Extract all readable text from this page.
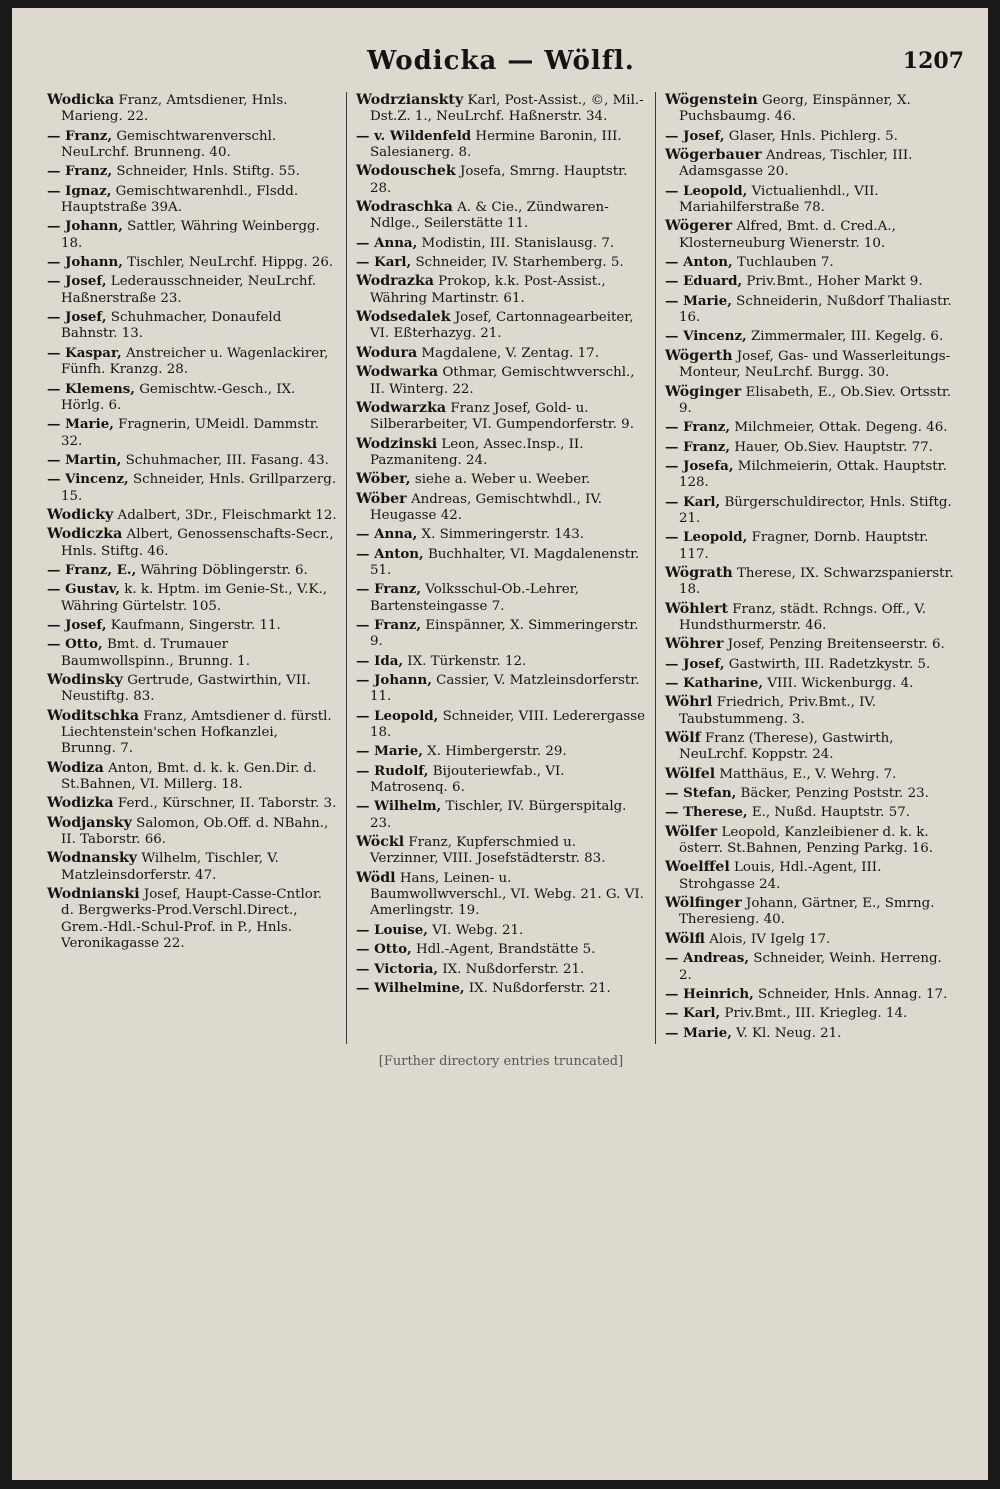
Wodicka — Wölfl.	1207

Wodicka Franz, Amtsdiener, Hnls. Marieng. 22.

— Franz, Gemischtwarenverschl. NeuLrchf. Brunneng. 40.

— Franz, Schneider, Hnls. Stiftg. 55.

— Ignaz, Gemischtwarenhdl., Flsdd. Hauptstraße 39A.

— Johann, Sattler, Währing Weinbergg. 18.

— Johann, Tischler, NeuLrchf. Hippg. 26.

— Josef, Lederausschneider, NeuLrchf. Haßnerstraße 23.

— Josef, Schuhmacher, Donaufeld Bahnstr. 13.

— Kaspar, Anstreicher u. Wagenlackirer, Fünfh. Kranzg. 28.

— Klemens, Gemischtw.-Gesch., IX. Hörlg. 6.

— Marie, Fragnerin, UMeidl. Dammstr. 32.

— Martin, Schuhmacher, III. Fasang. 43.

— Vincenz, Schneider, Hnls. Grillparzerg. 15.

Wodicky Adalbert, 3Dr., Fleischmarkt 12.

Wodiczka Albert, Genossenschafts-Secr., Hnls. Stiftg. 46.

— Franz, E., Währing Döblingerstr. 6.

— Gustav, k. k. Hptm. im Genie-St., V.K., Währing Gürtelstr. 105.

— Josef, Kaufmann, Singerstr. 11.

— Otto, Bmt. d. Trumauer Baumwollspinn., Brunng. 1.

Wodinsky Gertrude, Gastwirthin, VII. Neustiftg. 83.

Woditschka Franz, Amtsdiener d. fürstl. Liechtenstein'schen Hofkanzlei, Brunng. 7.

Wodiza Anton, Bmt. d. k. k. Gen.Dir. d. St.Bahnen, VI. Millerg. 18.

Wodizka Ferd., Kürschner, II. Taborstr. 3.

Wodjansky Salomon, Ob.Off. d. NBahn., II. Taborstr. 66.

Wodnansky Wilhelm, Tischler, V. Matzleinsdorferstr. 47.

Wodnianski Josef, Haupt-Casse-Cntlor. d. Bergwerks-Prod.Verschl.Direct., Grem.-Hdl.-Schul-Prof. in P., Hnls. Veronikagasse 22.

Wodrzianskty Karl, Post-Assist., ©, Mil.-Dst.Z. 1., NeuLrchf. Haßnerstr. 34.

— v. Wildenfeld Hermine Baronin, III. Salesianerg. 8.

Wodouschek Josefa, Smrng. Hauptstr. 28.

Wodraschka A. & Cie., Zündwaren-Ndlge., Seilerstätte 11.

— Anna, Modistin, III. Stanislausg. 7.

— Karl, Schneider, IV. Starhemberg. 5.

Wodrazka Prokop, k.k. Post-Assist., Währing Martinstr. 61.

Wodsedalek Josef, Cartonnagearbeiter, VI. Eßterhazyg. 21.

Wodura Magdalene, V. Zentag. 17.

Wodwarka Othmar, Gemischtwverschl., II. Winterg. 22.

Wodwarzka Franz Josef, Gold- u. Silberarbeiter, VI. Gumpendorferstr. 9.

Wodzinski Leon, Assec.Insp., II. Pazmaniteng. 24.

Wöber, siehe a. Weber u. Weeber.

Wöber Andreas, Gemischtwhdl., IV. Heugasse 42.

— Anna, X. Simmeringerstr. 143.

— Anton, Buchhalter, VI. Magdalenenstr. 51.

— Franz, Volksschul-Ob.-Lehrer, Bartensteingasse 7.

— Franz, Einspänner, X. Simmeringerstr. 9.

— Ida, IX. Türkenstr. 12.

— Johann, Cassier, V. Matzleinsdorferstr. 11.

— Leopold, Schneider, VIII. Lederergasse 18.

— Marie, X. Himbergerstr. 29.

— Rudolf, Bijouteriewfab., VI. Matrosenq. 6.

— Wilhelm, Tischler, IV. Bürgerspitalg. 23.

Wöckl Franz, Kupferschmied u. Verzinner, VIII. Josefstädterstr. 83.

Wödl Hans, Leinen- u. Baumwollwverschl., VI. Webg. 21. G. VI. Amerlingstr. 19.

— Louise, VI. Webg. 21.

— Otto, Hdl.-Agent, Brandstätte 5.

— Victoria, IX. Nußdorferstr. 21.

— Wilhelmine, IX. Nußdorferstr. 21.

Wögenstein Georg, Einspänner, X. Puchsbaumg. 46.

— Josef, Glaser, Hnls. Pichlerg. 5.

Wögerbauer Andreas, Tischler, III. Adamsgasse 20.

— Leopold, Victualienhdl., VII. Mariahilferstraße 78.

Wögerer Alfred, Bmt. d. Cred.A., Klosterneuburg Wienerstr. 10.

— Anton, Tuchlauben 7.

— Eduard, Priv.Bmt., Hoher Markt 9.

— Marie, Schneiderin, Nußdorf Thaliastr. 16.

— Vincenz, Zimmermaler, III. Kegelg. 6.

Wögerth Josef, Gas- und Wasserleitungs-Monteur, NeuLrchf. Burgg. 30.

Wöginger Elisabeth, E., Ob.Siev. Ortsstr. 9.

— Franz, Milchmeier, Ottak. Degeng. 46.

— Franz, Hauer, Ob.Siev. Hauptstr. 77.

— Josefa, Milchmeierin, Ottak. Hauptstr. 128.

— Karl, Bürgerschuldirector, Hnls. Stiftg. 21.

— Leopold, Fragner, Dornb. Hauptstr. 117.

Wögrath Therese, IX. Schwarzspanierstr. 18.

Wöhlert Franz, städt. Rchngs. Off., V. Hundsthurmerstr. 46.

Wöhrer Josef, Penzing Breitenseerstr. 6.

— Josef, Gastwirth, III. Radetzkystr. 5.

— Katharine, VIII. Wickenburgg. 4.

Wöhrl Friedrich, Priv.Bmt., IV. Taubstummeng. 3.

Wölf Franz (Therese), Gastwirth, NeuLrchf. Koppstr. 24.

Wölfel Matthäus, E., V. Wehrg. 7.

— Stefan, Bäcker, Penzing Poststr. 23.

— Therese, E., Nußd. Hauptstr. 57.

Wölfer Leopold, Kanzleibiener d. k. k. österr. St.Bahnen, Penzing Parkg. 16.

Woelffel Louis, Hdl.-Agent, III. Strohgasse 24.

Wölfinger Johann, Gärtner, E., Smrng. Theresieng. 40.

Wölfl Alois, IV Igelg 17.

— Andreas, Schneider, Weinh. Herreng. 2.

— Heinrich, Schneider, Hnls. Annag. 17.

— Karl, Priv.Bmt., III. Kriegleg. 14.

— Marie, V. Kl. Neug. 21.

[Further directory entries truncated]
